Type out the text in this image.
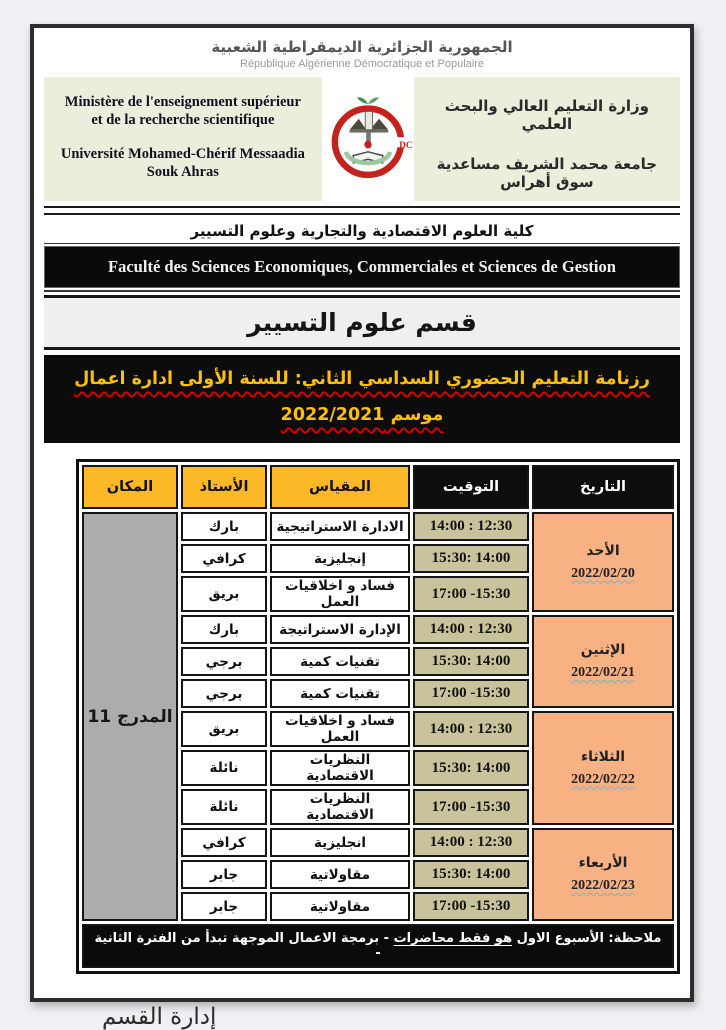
الجمهورية الجزائرية الديمقراطية الشعبية
République Algérienne Démocratique et Populaire
Ministère de l'enseignement supérieur
et de la recherche scientifique
Université Mohamed-Chérif Messaadia
Souk Ahras
DC
وزارة التعليم العالي والبحث العلمي
جامعة محمد الشريف مساعدية سوق أهراس
كلية العلوم الاقتصادية والتجارية وعلوم التسيير
Faculté des Sciences Economiques, Commerciales et Sciences de Gestion
قسم علوم التسيير
رزنامة التعليم الحضوري السداسي الثاني: للسنة الأولى ادارة اعمال
موسم 2022/2021
التاريخ	التوقيت	المقياس	الأستاذ	المكان

الأحد
2022/02/20	14:00 : 12:30	الادارة الاستراتيجية	بارك	المدرج 11
	15:30: 14:00	إنجليزية	كرافي	
	17:00 -15:30	فساد و اخلاقيات العمل	بريق	

الإثنين
2022/02/21	14:00 : 12:30	الإدارة الاستراتيجة	بارك	
	15:30: 14:00	تقنيات كمية	برجي	
	17:00 -15:30	تقنيات كمية	برجي	

الثلاثاء
2022/02/22	14:00 : 12:30	فساد و اخلاقيات العمل	بريق	
	15:30: 14:00	النظريات الاقتصادية	نائلة	
	17:00 -15:30	النظريات الاقتصادية	نائلة	

الأربعاء
2022/02/23	14:00 : 12:30	انجليزية	كرافي	
	15:30: 14:00	مقاولاتية	جابر	
	17:00 -15:30	مقاولاتية	جابر	
ملاحظة: الأسبوع الاول هو فقط محاضرات - برمجة الاعمال الموجهة تبدأ من الفترة الثانية -				
إدارة القسم
